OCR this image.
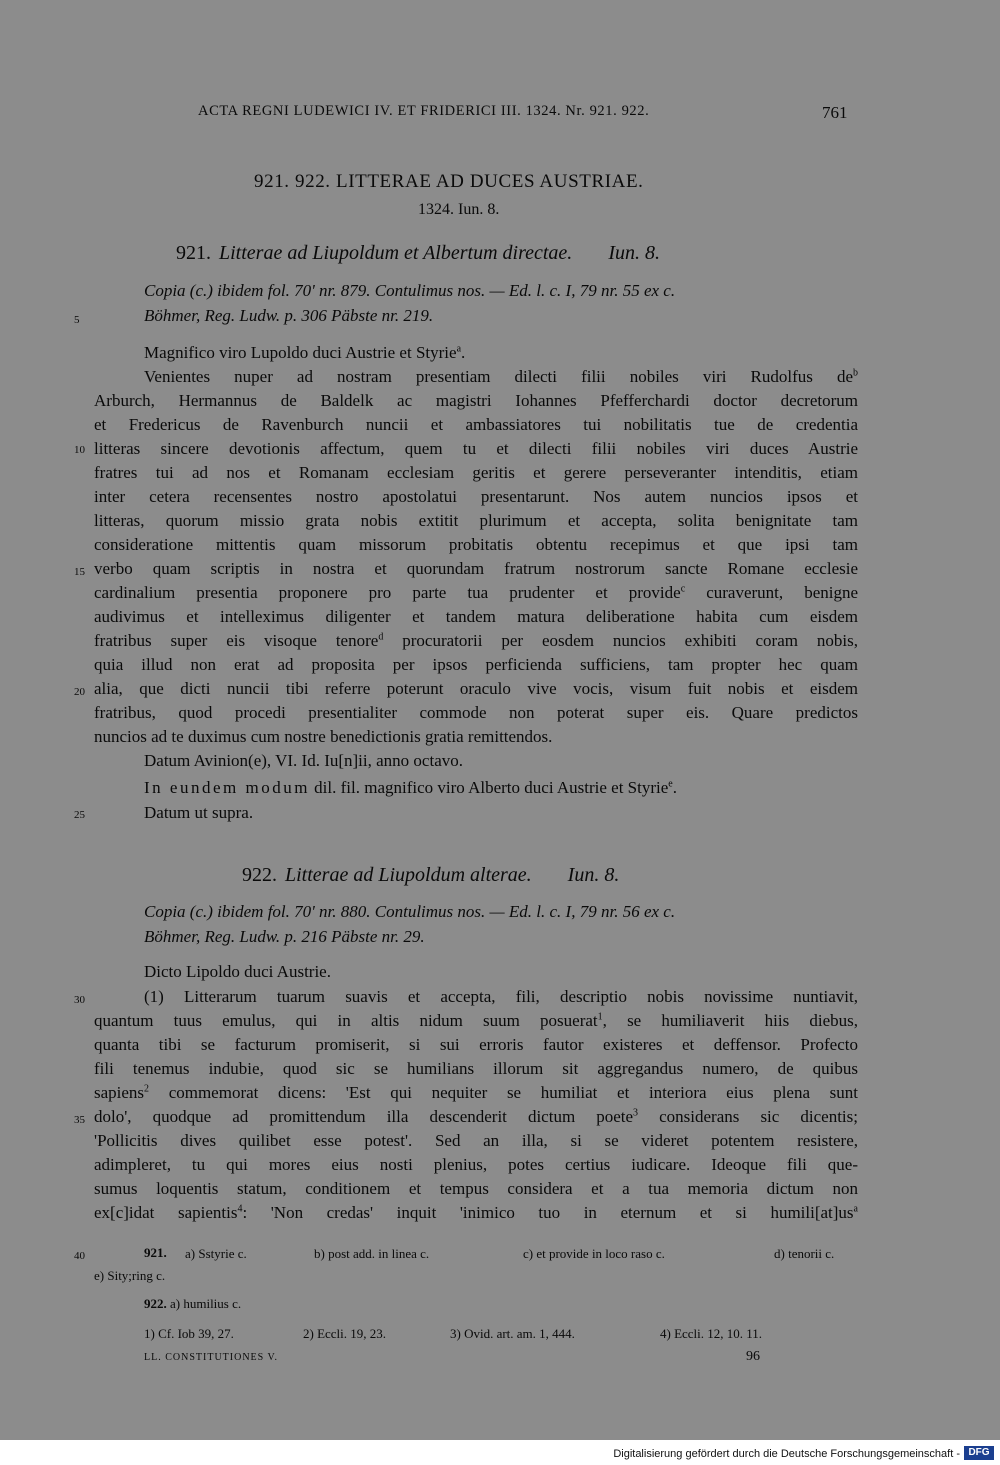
ACTA REGNI LUDEWICI IV. ET FRIDERICI III. 1324. Nr. 921. 922.	761
921. 922. LITTERAE AD DUCES AUSTRIAE.
1324. Iun. 8.
921. Litterae ad Liupoldum et Albertum directae. Iun. 8.
Copia (c.) ibidem fol. 70' nr. 879. Contulimus nos. — Ed. l. c. I, 79 nr. 55 ex c.
Böhmer, Reg. Ludw. p. 306 Päbste nr. 219.
Magnifico viro Lupoldo duci Austrie et Styrie$^a$.
Venientes nuper ad nostram presentiam dilecti filii nobiles viri Rudolfus $de^b$
Arburch, Hermannus de Baldelk ac magistri Iohannes Pfefferchardi doctor decretorum
et Fredericus de Ravenburch nuncii et ambassiatores tui nobilitatis tue de credentia
litteras sincere devotionis affectum, quem tu et dilecti filii nobiles viri duces Austrie
fratres tui ad nos et Romanam ecclesiam geritis et gerere perseveranter intenditis, etiam
inter cetera recensentes nostro apostolatui presentarunt. Nos autem nuncios ipsos et
litteras, quorum missio grata nobis extitit plurimum et accepta, solita benignitate tam
consideratione mittentis quam missorum probitatis obtentu recepimus et que ipsi tam
verbo quam scriptis in nostra et quorundam fratrum nostrorum sancte Romane ecclesie
cardinalium presentia proponere pro parte tua prudenter et provide$^c$ curaverunt, benigne
audivimus et intelleximus diligenter et tandem matura deliberatione habita cum eisdem
fratribus super eis visoque tenore$^d$ procuratorii per eosdem nuncios exhibiti coram nobis,
quia illud non erat ad proposita per ipsos perficienda sufficiens, tam propter hec quam
alia, que dicti nuncii tibi referre poterunt oraculo vive vocis, visum fuit nobis et eisdem
fratribus, quod procedi presentialiter commode non poterat super eis. Quare predictos
nuncios ad te duximus cum nostre benedictionis gratia remittendos.
Datum Avinion(e), VI. Id. Iu[n]ii, anno octavo.
In eundem modum dil. fil. magnifico viro Alberto duci Austrie et Styrie$^e$.
Datum ut supra.
922. Litterae ad Liupoldum alterae. Iun. 8.
Copia (c.) ibidem fol. 70' nr. 880. Contulimus nos. — Ed. l. c. I, 79 nr. 56 ex c.
Böhmer, Reg. Ludw. p. 216 Päbste nr. 29.
Dicto Lipoldo duci Austrie.
(1) Litterarum tuarum suavis et accepta, fili, descriptio nobis novissime nuntiavit,
quantum tuus emulus, qui in altis nidum suum posuerat$^1$, se humiliaverit hiis diebus,
quanta tibi se facturum promiserit, si sui erroris fautor existeres et deffensor. Profecto
fili tenemus indubie, quod sic se humilians illorum sit aggregandus numero, de quibus
sapiens$^2$ commemorat dicens: 'Est qui nequiter se humiliat et interiora eius plena sunt
dolo', quodque ad promittendum illa descenderit dictum poete$^3$ considerans sic dicentis;
'Pollicitis dives quilibet esse potest'. Sed an illa, si se videret potentem resistere,
adimpleret, tu qui mores eius nosti plenius, potes certius iudicare. Ideoque fili que-
sumus loquentis statum, conditionem et tempus considera et a tua memoria dictum non
ex[c]idat sapientis$^4$: 'Non credas' inquit 'inimico tuo in eternum et si $humili[at]us^a$
5
10
15
20
25
30
35
40	921. a) Sstyrie c.	b) post add. in linea c.	c) et provide in loco raso c.	d) tenorii c.
e) Sity;ring c.
922. a) humilius c.
1) Cf. Iob 39, 27.	2) Eccli. 19, 23.	3) Ovid. art. am. 1, 444.	4) Eccli. 12, 10. 11.
LL. CONSTITUTIONES V.	96
Digitalisierung gefördert durch die Deutsche Forschungsgemeinschaft - DFG
